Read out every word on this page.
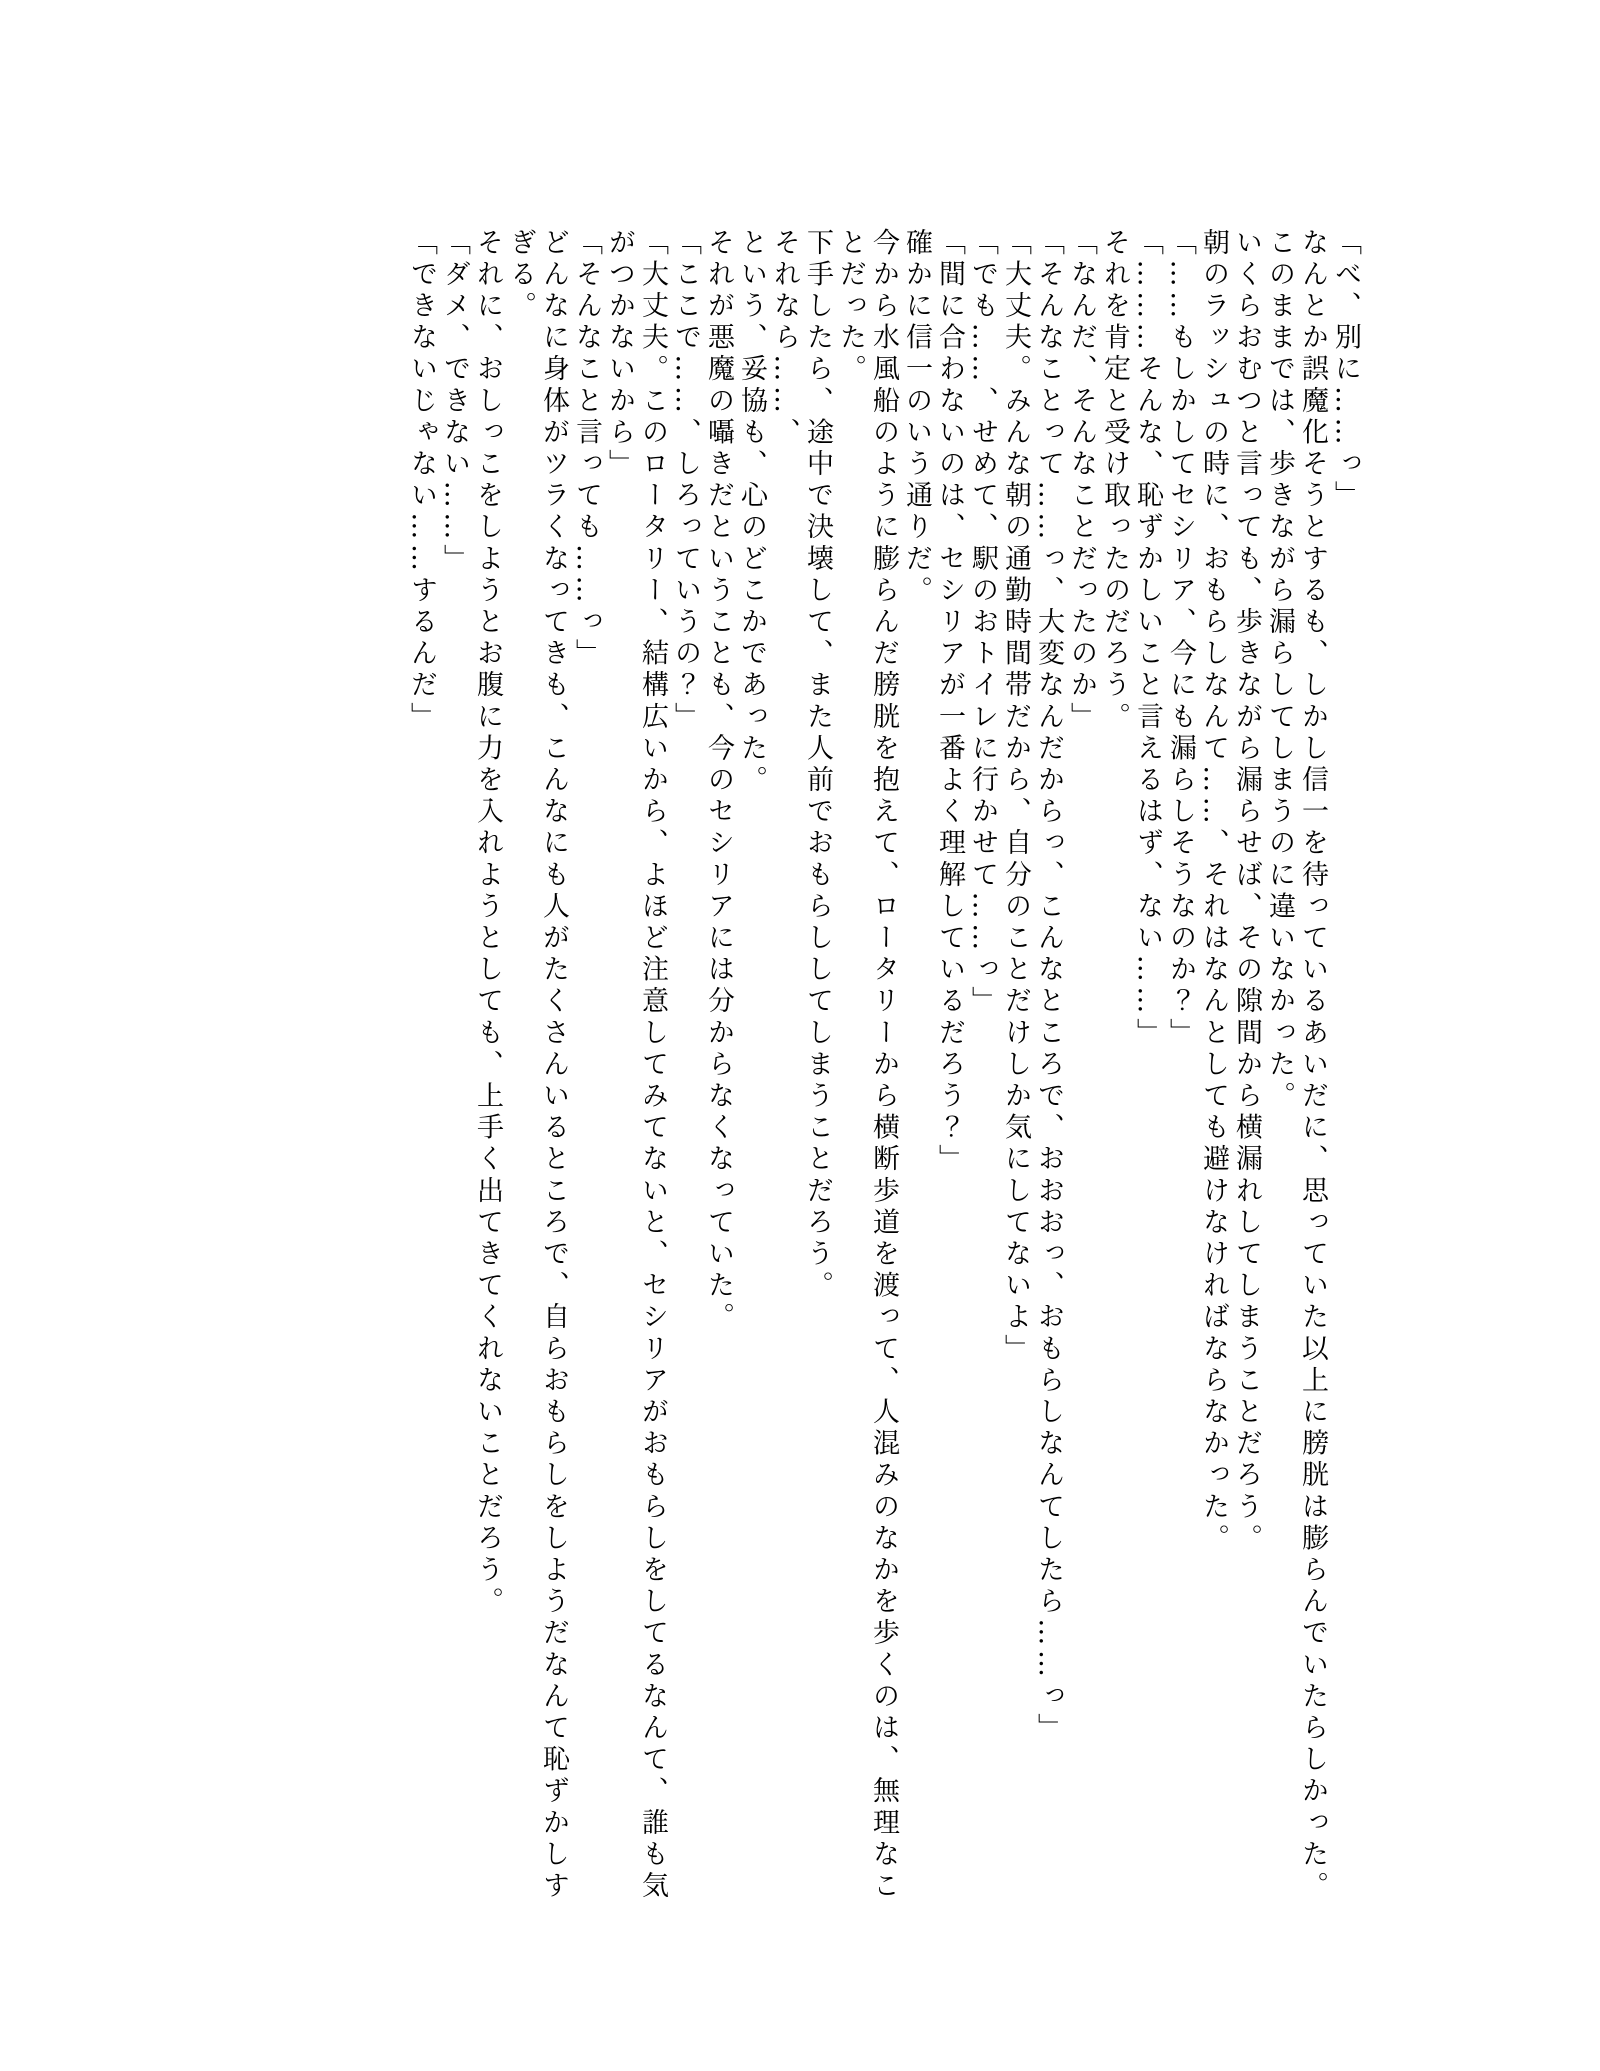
「べ、別に……っ」

なんとか誤魔化そうとするも、しかし信一を待っているあいだに、思っていた以上に膀胱は膨らんでいたらしかった。

このままでは、歩きながら漏らしてしまうのに違いなかった。

いくらおむつと言っても、歩きながら漏らせば、その隙間から横漏れしてしまうことだろう。

朝のラッシュの時に、おもらしなんて……、それはなんとしても避けなければならなかった。

「……もしかしてセシリア、今にも漏らしそうなのか？」

「………そんな、恥ずかしいこと言えるはず、ない……」

それを肯定と受け取ったのだろう。

「なんだ、そんなことだったのか」

「そんなことって……っ、大変なんだからっ、こんなところで、おおおっ、おもらしなんてしたら……っ」

「大丈夫。みんな朝の通勤時間帯だから、自分のことだけしか気にしてないよ」

「でも……、せめて、駅のおトイレに行かせて……っ」

「間に合わないのは、セシリアが一番よく理解しているだろう？」

確かに信一のいう通りだ。

今から水風船のように膨らんだ膀胱を抱えて、ロータリーから横断歩道を渡って、人混みのなかを歩くのは、無理なことだった。

下手したら、途中で決壊して、また人前でおもらししてしまうことだろう。

それなら……、

という、妥協も、心のどこかであった。

それが悪魔の囁きだということも、今のセシリアには分からなくなっていた。

「ここで……、しろっていうの？」

「大丈夫。このロータリー、結構広いから、よほど注意してみてないと、セシリアがおもらしをしてるなんて、誰も気がつかないから」

「そんなこと言っても……っ」

どんなに身体がツラくなってきも、こんなにも人がたくさんいるところで、自らおもらしをしようだなんて恥ずかしすぎる。

それに、おしっこをしようとお腹に力を入れようとしても、上手く出てきてくれないことだろう。

「ダメ、できない……」

「できないじゃない……するんだ」
